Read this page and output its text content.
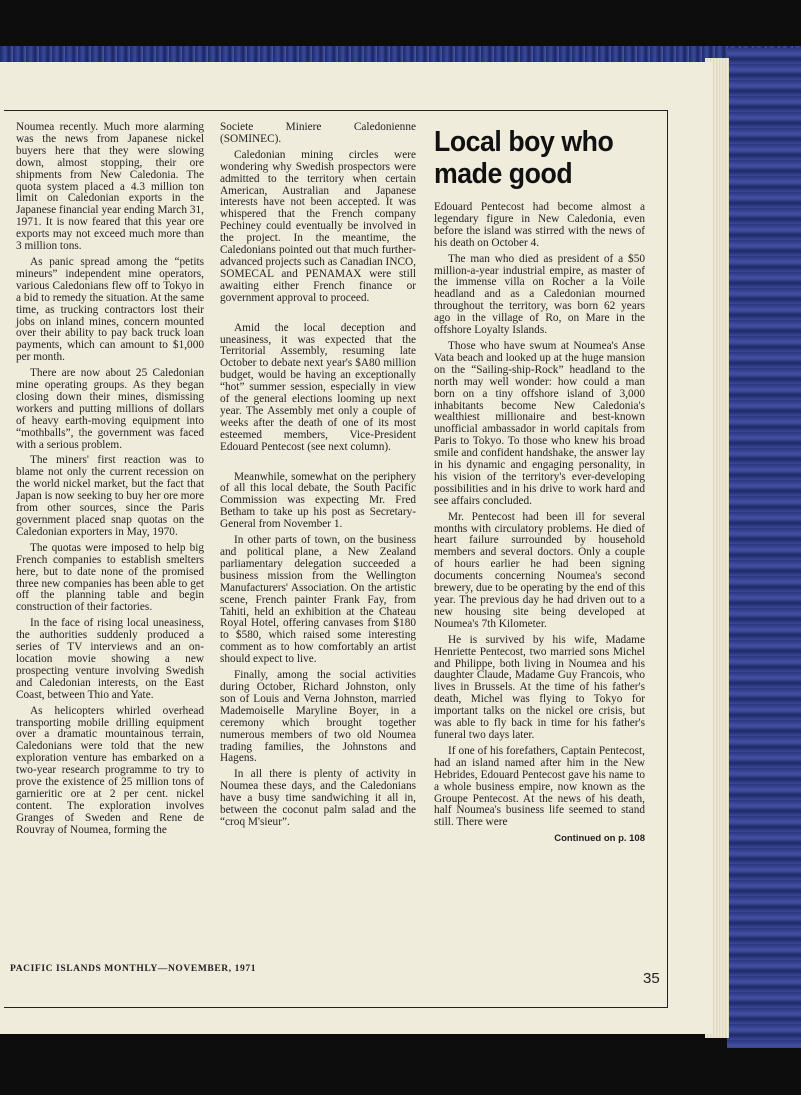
Noumea recently. Much more alarming was the news from Japanese nickel buyers here that they were slowing down, almost stopping, their ore shipments from New Caledonia. The quota system placed a 4.3 million ton limit on Caledonian exports in the Japanese financial year ending March 31, 1971. It is now feared that this year ore exports may not exceed much more than 3 million tons.

As panic spread among the “petits mineurs” independent mine operators, various Caledonians flew off to Tokyo in a bid to remedy the situation. At the same time, as trucking contractors lost their jobs on inland mines, concern mounted over their ability to pay back truck loan payments, which can amount to $1,000 per month.

There are now about 25 Caledonian mine operating groups. As they began closing down their mines, dismissing workers and putting millions of dollars of heavy earth-moving equipment into “mothballs”, the government was faced with a serious problem.

The miners' first reaction was to blame not only the current recession on the world nickel market, but the fact that Japan is now seeking to buy her ore more from other sources, since the Paris government placed snap quotas on the Caledonian exporters in May, 1970.

The quotas were imposed to help big French companies to establish smelters here, but to date none of the promised three new companies has been able to get off the planning table and begin construction of their factories.

In the face of rising local uneasiness, the authorities suddenly produced a series of TV interviews and an on-location movie showing a new prospecting venture involving Swedish and Caledonian interests, on the East Coast, between Thio and Yate.

As helicopters whirled overhead transporting mobile drilling equipment over a dramatic mountainous terrain, Caledonians were told that the new exploration venture has embarked on a two-year research programme to try to prove the existence of 25 million tons of garnieritic ore at 2 per cent. nickel content. The exploration involves Granges of Sweden and Rene de Rouvray of Noumea, forming the

Societe Miniere Caledonienne (SOMINEC).

Caledonian mining circles were wondering why Swedish prospectors were admitted to the territory when certain American, Australian and Japanese interests have not been accepted. It was whispered that the French company Pechiney could eventually be involved in the project. In the meantime, the Caledonians pointed out that much further-advanced projects such as Canadian INCO, SOMECAL and PENAMAX were still awaiting either French finance or government approval to proceed.

Amid the local deception and uneasiness, it was expected that the Territorial Assembly, resuming late October to debate next year's $A80 million budget, would be having an exceptionally “hot” summer session, especially in view of the general elections looming up next year. The Assembly met only a couple of weeks after the death of one of its most esteemed members, Vice-President Edouard Pentecost (see next column).

Meanwhile, somewhat on the periphery of all this local debate, the South Pacific Commission was expecting Mr. Fred Betham to take up his post as Secretary-General from November 1.

In other parts of town, on the business and political plane, a New Zealand parliamentary delegation succeeded a business mission from the Wellington Manufacturers' Association. On the artistic scene, French painter Frank Fay, from Tahiti, held an exhibition at the Chateau Royal Hotel, offering canvases from $180 to $580, which raised some interesting comment as to how comfortably an artist should expect to live.

Finally, among the social activities during October, Richard Johnston, only son of Louis and Verna Johnston, married Mademoiselle Maryline Boyer, in a ceremony which brought together numerous members of two old Noumea trading families, the Johnstons and Hagens.

In all there is plenty of activity in Noumea these days, and the Caledonians have a busy time sandwiching it all in, between the coconut palm salad and the “croq M'sieur”.

Local boy who made good

Edouard Pentecost had become almost a legendary figure in New Caledonia, even before the island was stirred with the news of his death on October 4.

The man who died as president of a $50 million-a-year industrial empire, as master of the immense villa on Rocher a la Voile headland and as a Caledonian mourned throughout the territory, was born 62 years ago in the village of Ro, on Mare in the offshore Loyalty Islands.

Those who have swum at Noumea's Anse Vata beach and looked up at the huge mansion on the “Sailing-ship-Rock” headland to the north may well wonder: how could a man born on a tiny offshore island of 3,000 inhabitants become New Caledonia's wealthiest millionaire and best-known unofficial ambassador in world capitals from Paris to Tokyo. To those who knew his broad smile and confident handshake, the answer lay in his dynamic and engaging personality, in his vision of the territory's ever-developing possibilities and in his drive to work hard and see affairs concluded.

Mr. Pentecost had been ill for several months with circulatory problems. He died of heart failure surrounded by household members and several doctors. Only a couple of hours earlier he had been signing documents concerning Noumea's second brewery, due to be operating by the end of this year. The previous day he had driven out to a new housing site being developed at Noumea's 7th Kilometer.

He is survived by his wife, Madame Henriette Pentecost, two married sons Michel and Philippe, both living in Noumea and his daughter Claude, Madame Guy Francois, who lives in Brussels. At the time of his father's death, Michel was flying to Tokyo for important talks on the nickel ore crisis, but was able to fly back in time for his father's funeral two days later.

If one of his forefathers, Captain Pentecost, had an island named after him in the New Hebrides, Edouard Pentecost gave his name to a whole business empire, now known as the Groupe Pentecost. At the news of his death, half Noumea's business life seemed to stand still. There were

Continued on p. 108
PACIFIC ISLANDS MONTHLY—NOVEMBER, 1971
35
